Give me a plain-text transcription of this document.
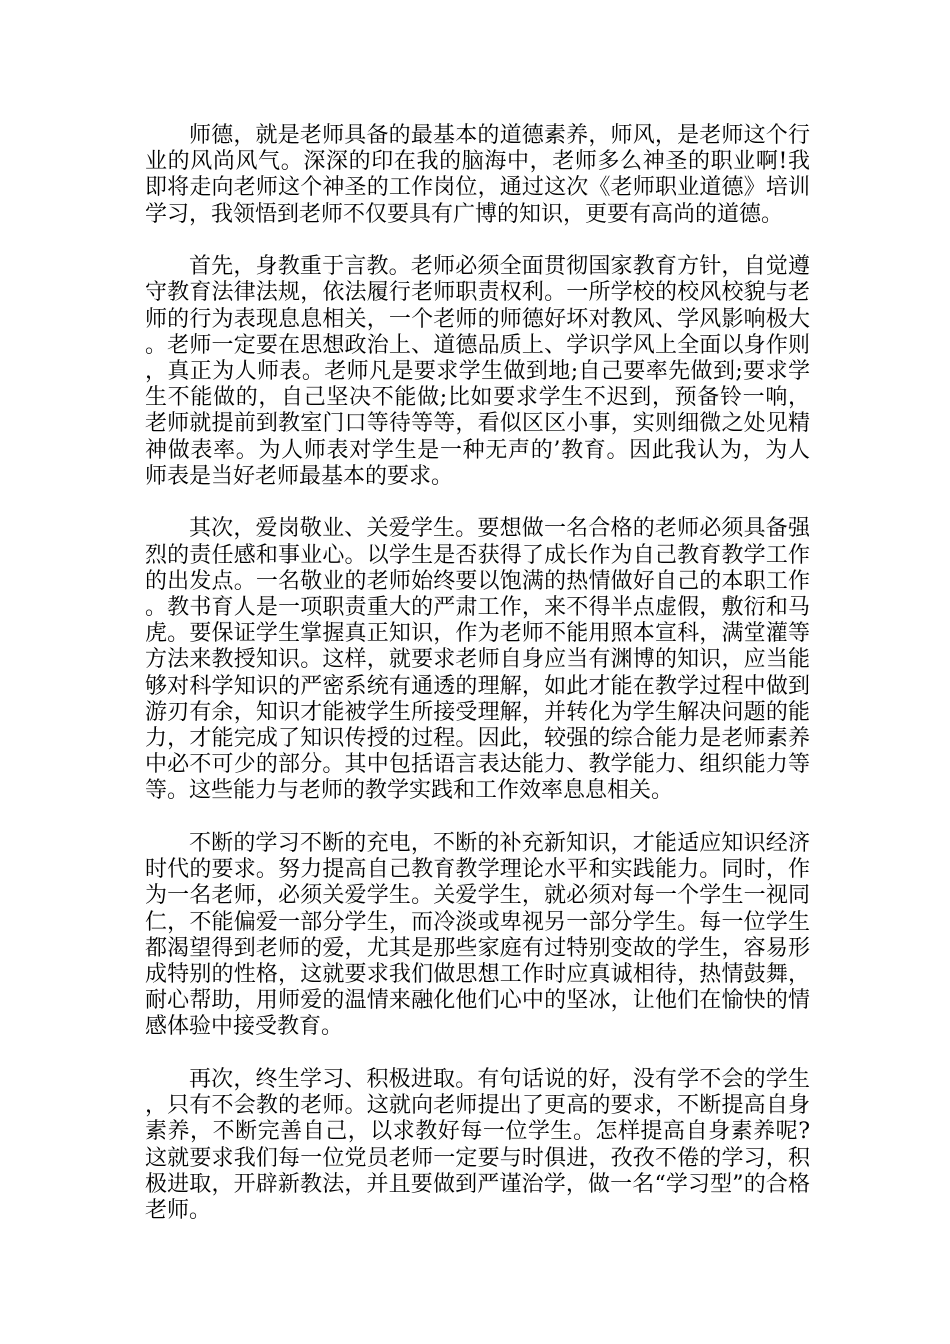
师德，就是老师具备的最基本的道德素养，师风，是老师这个行业的风尚风气。深深的印在我的脑海中，老师多么神圣的职业啊!我即将走向老师这个神圣的工作岗位，通过这次《老师职业道德》培训学习，我领悟到老师不仅要具有广博的知识，更要有高尚的道德。

首先，身教重于言教。老师必须全面贯彻国家教育方针，自觉遵守教育法律法规，依法履行老师职责权利。一所学校的校风校貌与老师的行为表现息息相关，一个老师的师德好坏对教风、学风影响极大。老师一定要在思想政治上、道德品质上、学识学风上全面以身作则，真正为人师表。老师凡是要求学生做到地;自己要率先做到;要求学生不能做的，自己坚决不能做;比如要求学生不迟到，预备铃一响，老师就提前到教室门口等待等等，看似区区小事，实则细微之处见精神做表率。为人师表对学生是一种无声的’教育。因此我认为，为人师表是当好老师最基本的要求。

其次，爱岗敬业、关爱学生。要想做一名合格的老师必须具备强烈的责任感和事业心。以学生是否获得了成长作为自己教育教学工作的出发点。一名敬业的老师始终要以饱满的热情做好自己的本职工作。教书育人是一项职责重大的严肃工作，来不得半点虚假，敷衍和马虎。要保证学生掌握真正知识，作为老师不能用照本宣科，满堂灌等方法来教授知识。这样，就要求老师自身应当有渊博的知识，应当能够对科学知识的严密系统有通透的理解，如此才能在教学过程中做到游刃有余，知识才能被学生所接受理解，并转化为学生解决问题的能力，才能完成了知识传授的过程。因此，较强的综合能力是老师素养中必不可少的部分。其中包括语言表达能力、教学能力、组织能力等等。这些能力与老师的教学实践和工作效率息息相关。

不断的学习不断的充电，不断的补充新知识，才能适应知识经济时代的要求。努力提高自己教育教学理论水平和实践能力。同时，作为一名老师，必须关爱学生。关爱学生，就必须对每一个学生一视同仁，不能偏爱一部分学生，而冷淡或卑视另一部分学生。每一位学生都渴望得到老师的爱，尤其是那些家庭有过特别变故的学生，容易形成特别的性格，这就要求我们做思想工作时应真诚相待，热情鼓舞，耐心帮助，用师爱的温情来融化他们心中的坚冰，让他们在愉快的情感体验中接受教育。

再次，终生学习、积极进取。有句话说的好，没有学不会的学生，只有不会教的老师。这就向老师提出了更高的要求，不断提高自身素养，不断完善自己，以求教好每一位学生。怎样提高自身素养呢?这就要求我们每一位党员老师一定要与时俱进，孜孜不倦的学习，积极进取，开辟新教法，并且要做到严谨治学，做一名“学习型”的合格老师。
